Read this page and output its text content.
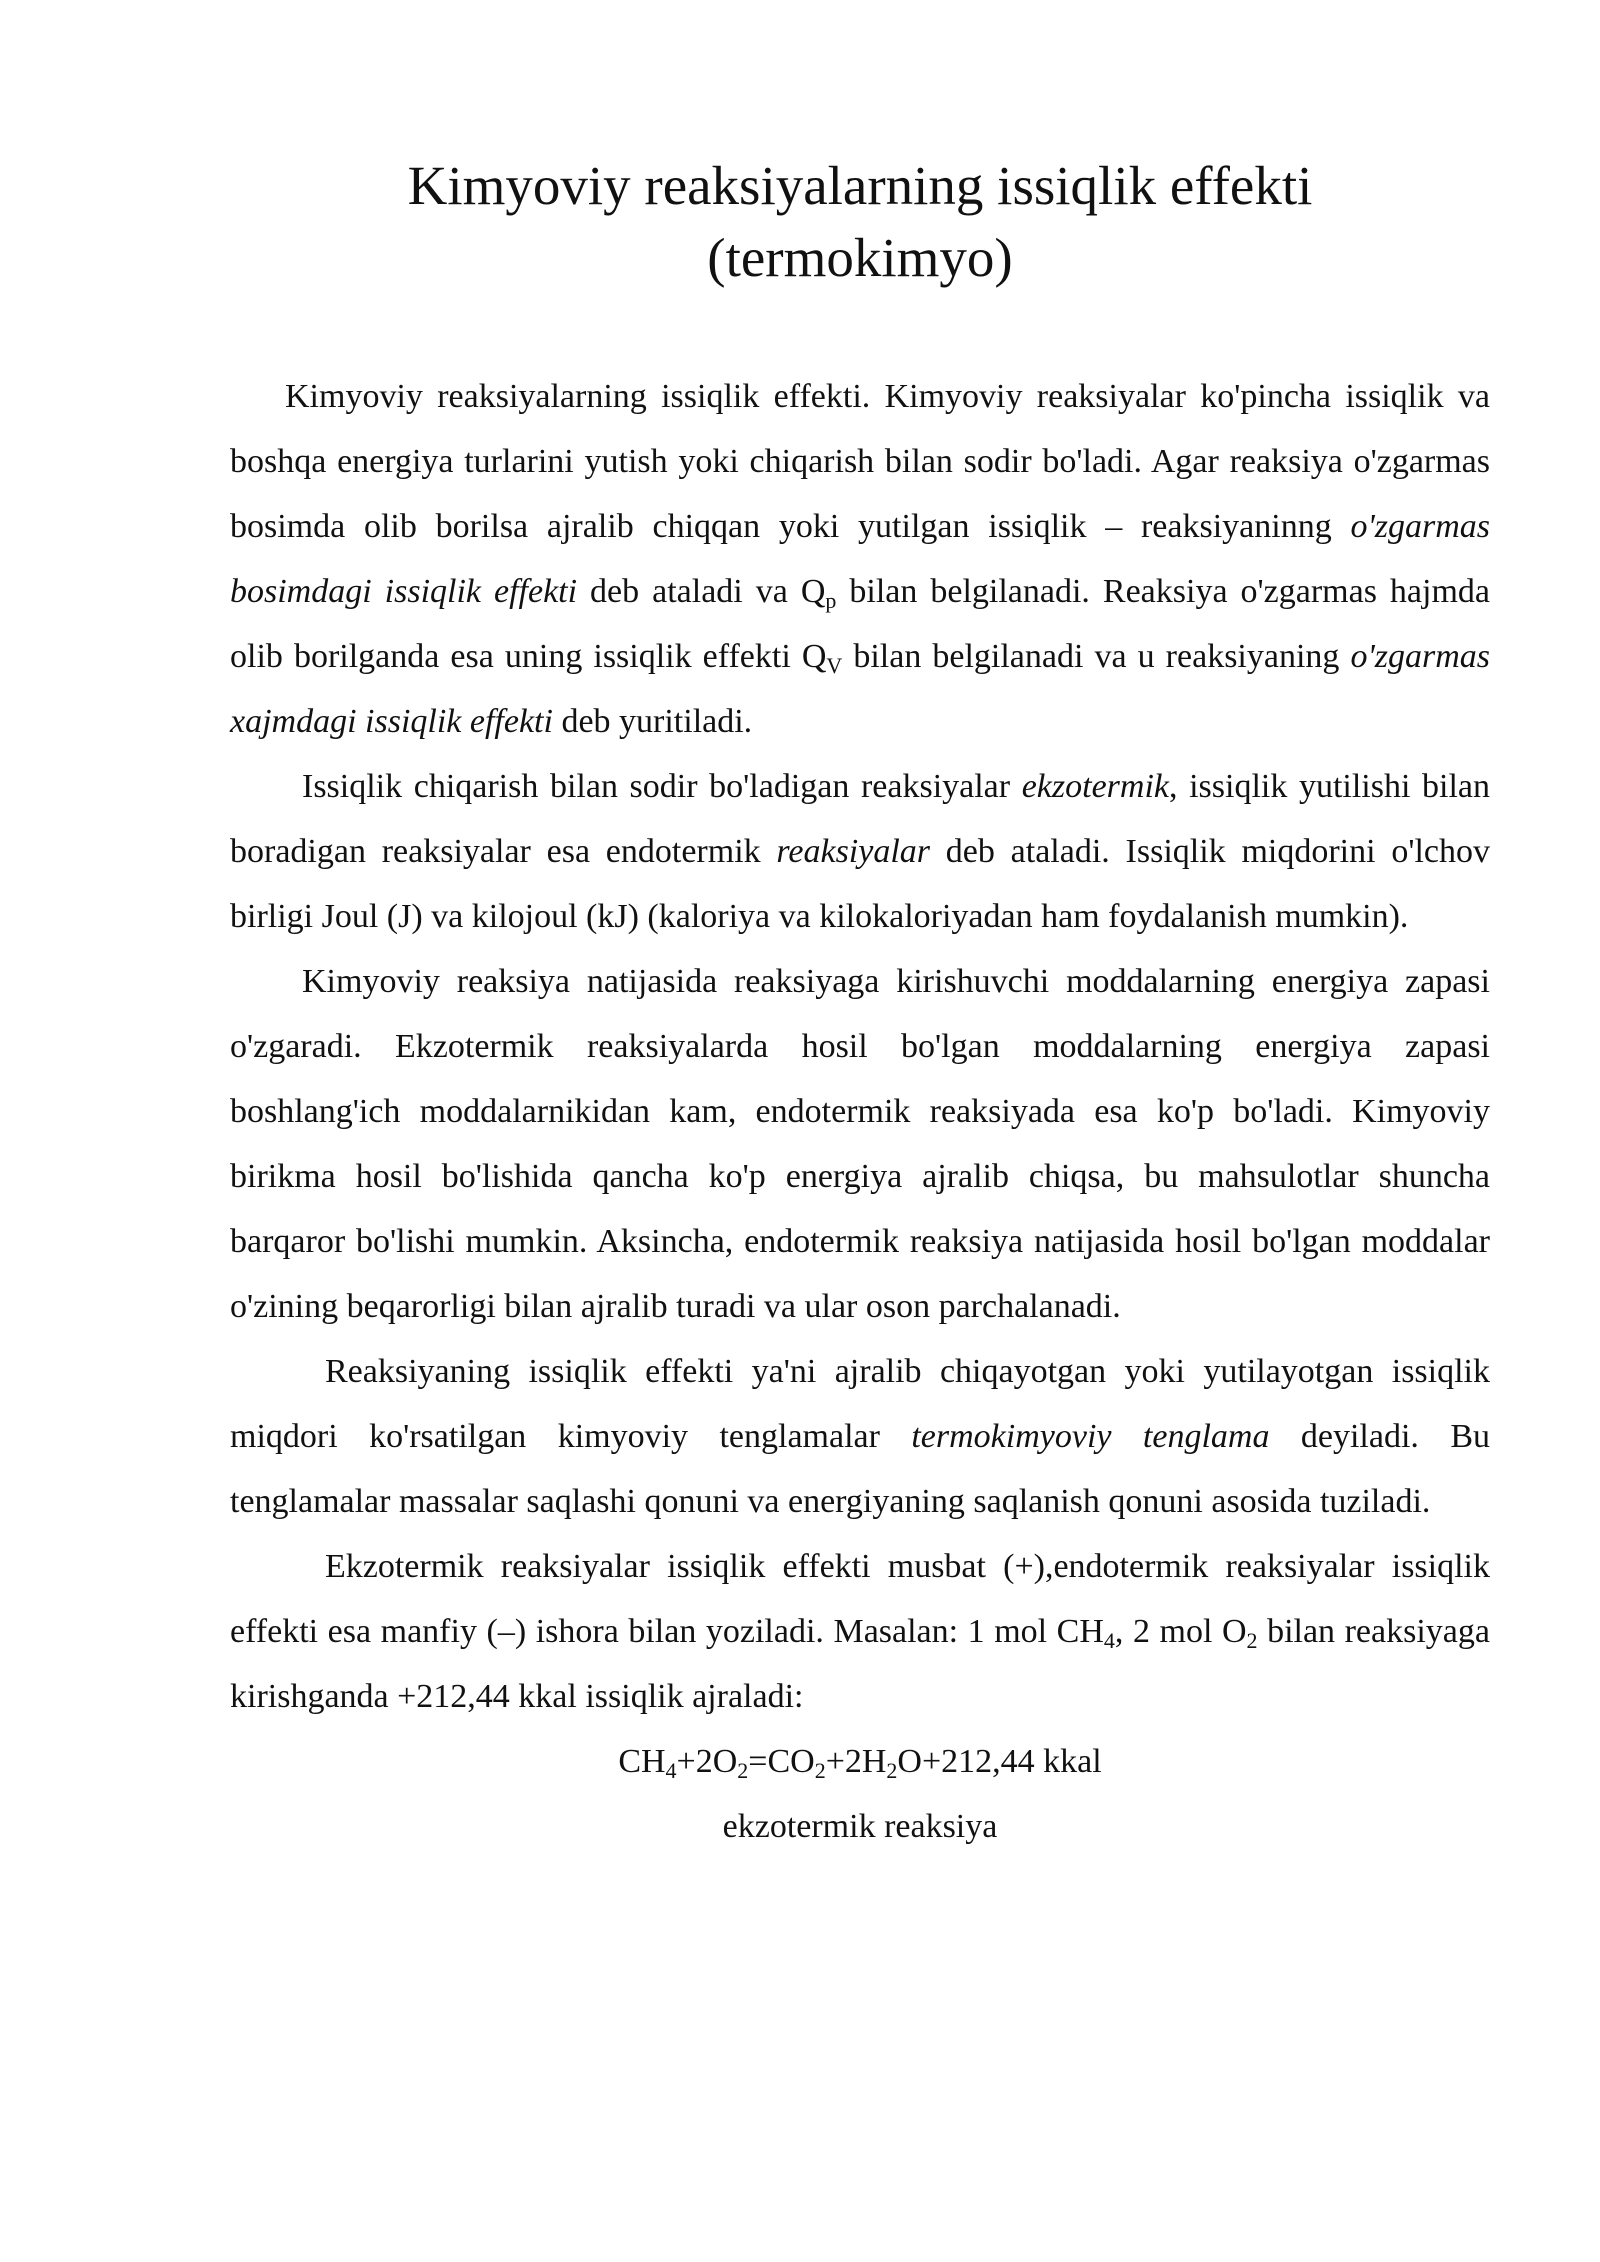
Kimyoviy reaksiyalarning issiqlik effekti
(termokimyo)

Kimyoviy reaksiyalarning issiqlik effekti. Kimyoviy reaksiyalar ko'pincha issiqlik va boshqa energiya turlarini yutish yoki chiqarish bilan sodir bo'ladi. Agar reaksiya o'zgarmas bosimda olib borilsa ajralib chiqqan yoki yutilgan issiqlik – reaksiyaninng o'zgarmas bosimdagi issiqlik effekti deb ataladi va $Q_p$ bilan belgilanadi. Reaksiya o'zgarmas hajmda olib borilganda esa uning issiqlik effekti $Q_V$ bilan belgilanadi va u reaksiyaning o'zgarmas xajmdagi issiqlik effekti deb yuritiladi.

Issiqlik chiqarish bilan sodir bo'ladigan reaksiyalar ekzotermik, issiqlik yutilishi bilan boradigan reaksiyalar esa endotermik reaksiyalar deb ataladi. Issiqlik miqdorini o'lchov birligi Joul (J) va kilojoul (kJ) (kaloriya va kilokaloriyadan ham foydalanish mumkin).

Kimyoviy reaksiya natijasida reaksiyaga kirishuvchi moddalarning energiya zapasi o'zgaradi. Ekzotermik reaksiyalarda hosil bo'lgan moddalarning energiya zapasi boshlang'ich moddalarnikidan kam, endotermik reaksiyada esa ko'p bo'ladi. Kimyoviy birikma hosil bo'lishida qancha ko'p energiya ajralib chiqsa, bu mahsulotlar shuncha barqaror bo'lishi mumkin. Aksincha, endotermik reaksiya natijasida hosil bo'lgan moddalar o'zining beqarorligi bilan ajralib turadi va ular oson parchalanadi.

Reaksiyaning issiqlik effekti ya'ni ajralib chiqayotgan yoki yutilayotgan issiqlik miqdori ko'rsatilgan kimyoviy tenglamalar termokimyoviy tenglama deyiladi. Bu tenglamalar massalar saqlashi qonuni va energiyaning saqlanish qonuni asosida tuziladi.

Ekzotermik reaksiyalar issiqlik effekti musbat (+),endotermik reaksiyalar issiqlik effekti esa manfiy (–) ishora bilan yoziladi. Masalan: 1 mol $CH_4$, 2 mol $O_2$ bilan reaksiyaga kirishganda +212,44 kkal issiqlik ajraladi:

$CH_4+2O_2=CO_2+2H_2O+212,44$ kkal

ekzotermik reaksiya
